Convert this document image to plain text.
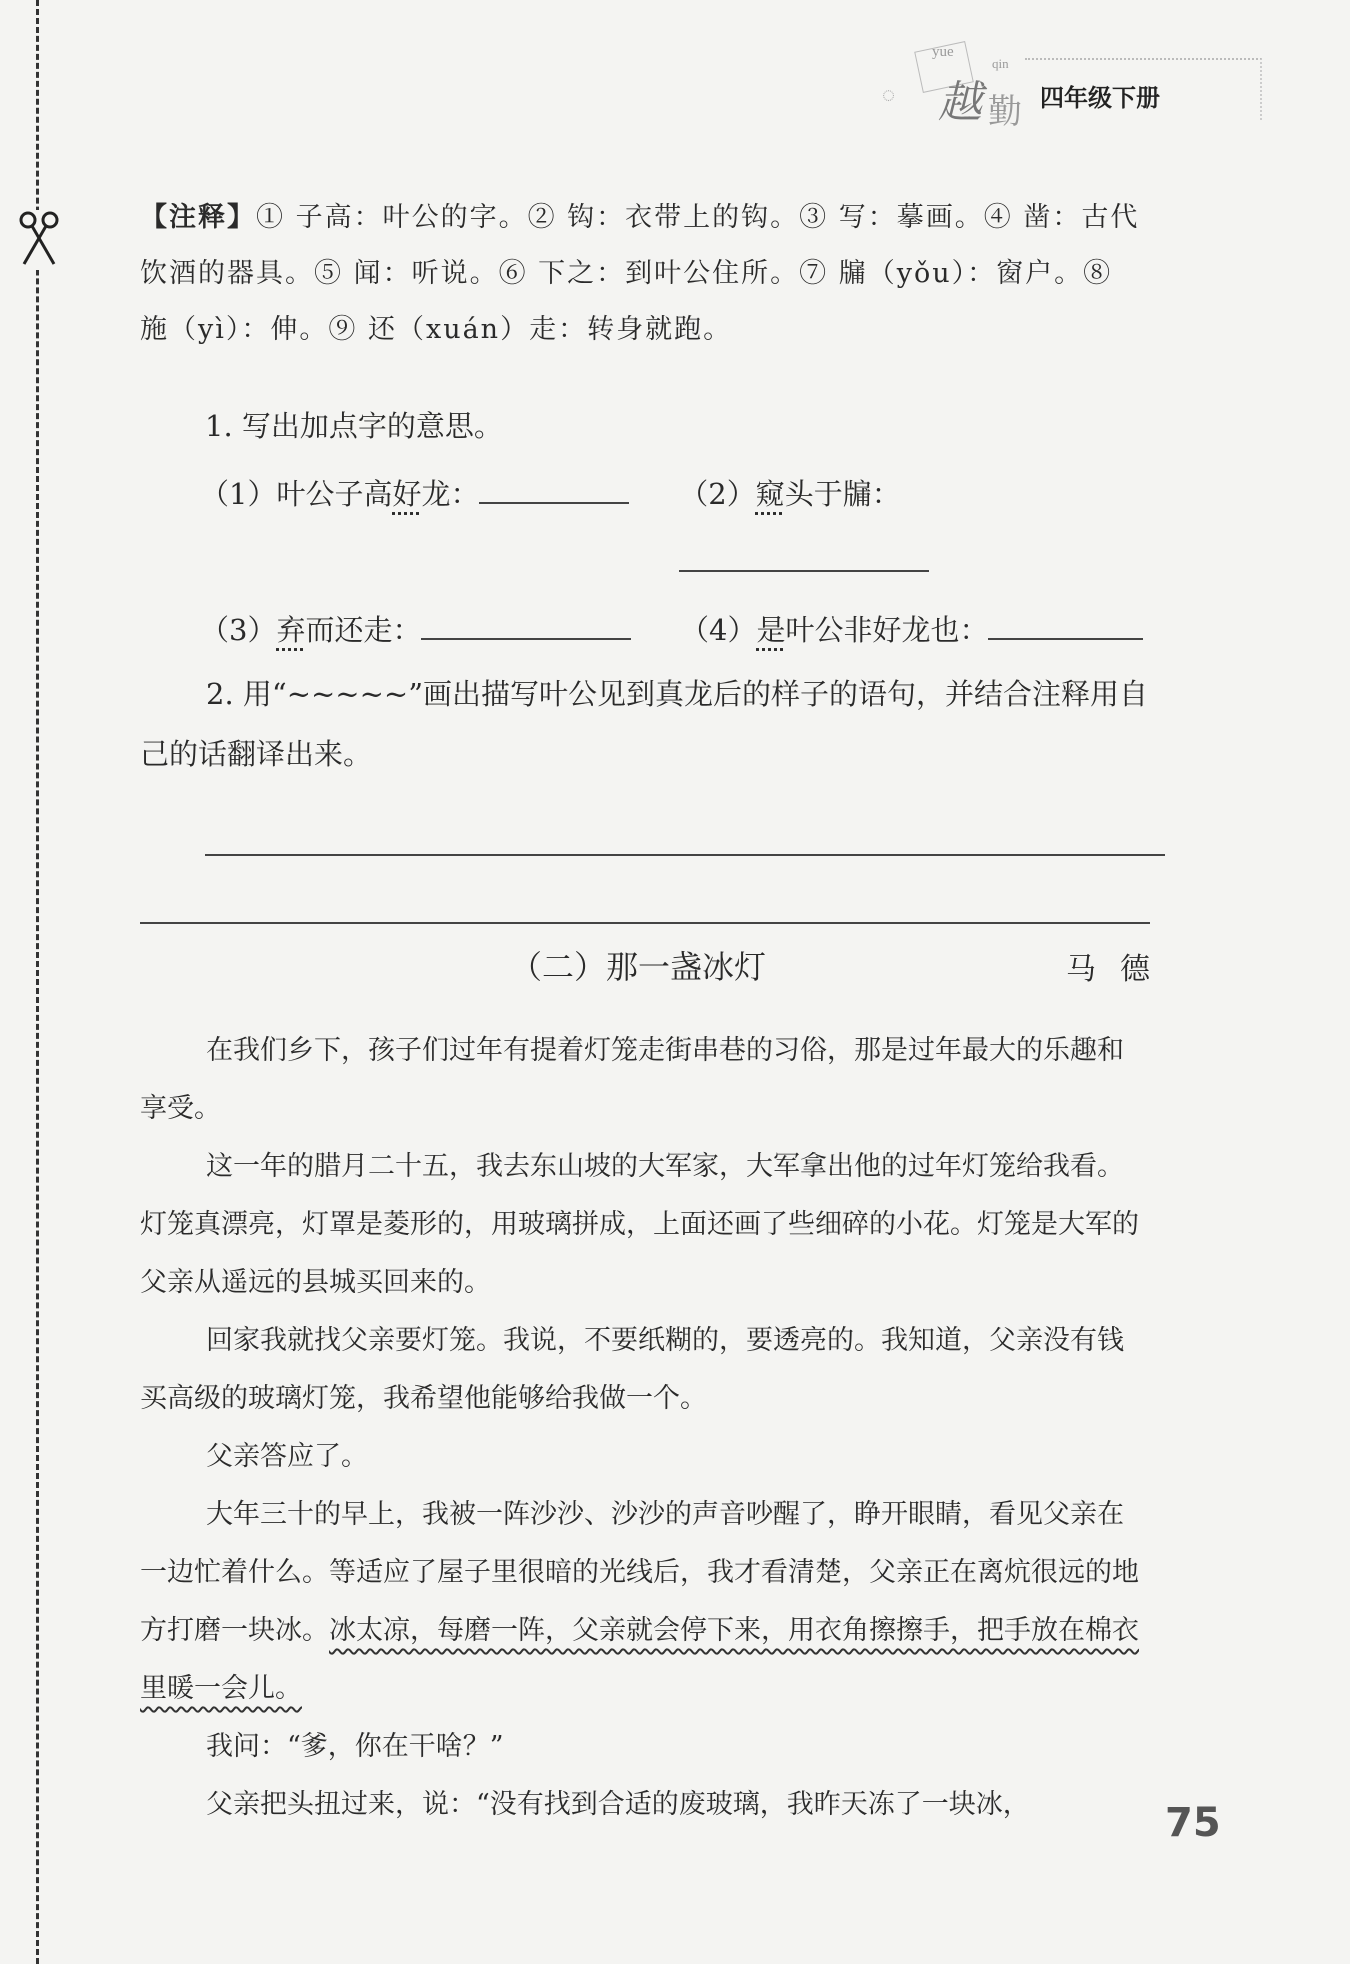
◌
yue
qin
越 勤 四年级下册

【注释】① 子高：叶公的字。② 钩：衣带上的钩。③ 写：摹画。④ 凿：古代饮酒的器具。⑤ 闻：听说。⑥ 下之：到叶公住所。⑦ 牖（yǒu）：窗户。⑧ 施（yì）：伸。⑨ 还（xuán）走：转身就跑。

1. 写出加点字的意思。

（1）叶公子高好龙：	（2）窥头于牖：

（3）弃而还走：	（4）是叶公非好龙也：

2. 用“~~~~~”画出描写叶公见到真龙后的样子的语句，并结合注释用自己的话翻译出来。

（二）那一盏冰灯	马德

在我们乡下，孩子们过年有提着灯笼走街串巷的习俗，那是过年最大的乐趣和享受。

这一年的腊月二十五，我去东山坡的大军家，大军拿出他的过年灯笼给我看。灯笼真漂亮，灯罩是菱形的，用玻璃拼成，上面还画了些细碎的小花。灯笼是大军的父亲从遥远的县城买回来的。

回家我就找父亲要灯笼。我说，不要纸糊的，要透亮的。我知道，父亲没有钱买高级的玻璃灯笼，我希望他能够给我做一个。

父亲答应了。

大年三十的早上，我被一阵沙沙、沙沙的声音吵醒了，睁开眼睛，看见父亲在一边忙着什么。等适应了屋子里很暗的光线后，我才看清楚，父亲正在离炕很远的地方打磨一块冰。冰太凉，每磨一阵，父亲就会停下来，用衣角擦擦手，把手放在棉衣里暖一会儿。

我问：“爹，你在干啥？”

父亲把头扭过来，说：“没有找到合适的废玻璃，我昨天冻了一块冰，	75
